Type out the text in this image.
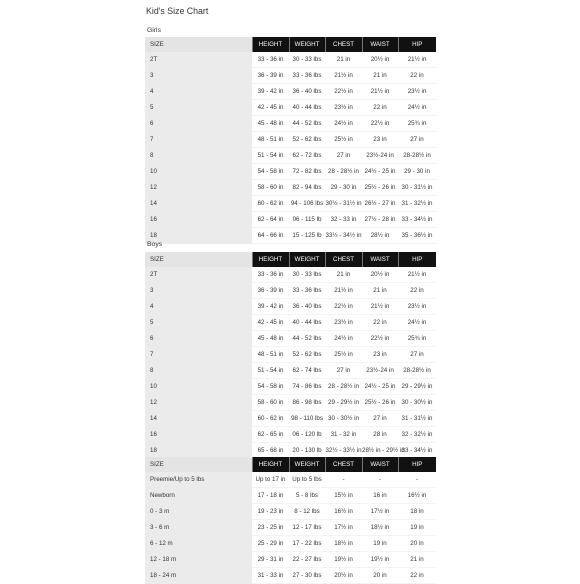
Kid's Size Chart
Girls
SIZE	HEIGHT	WEIGHT	CHEST	WAIST	HIP
2T	33 - 36 in	30 - 33 lbs	21 in	20½ in	21½ in
3	36 - 39 in	33 - 36 lbs	21½ in	21 in	22 in
4	39 - 42 in	36 - 40 lbs	22½ in	21½ in	23½ in
5	42 - 45 in	40 - 44 lbs	23½ in	22 in	24½ in
6	45 - 48 in	44 - 52 lbs	24½ in	22½ in	25¾ in
7	48 - 51 in	52 - 62 lbs	25½ in	23 in	27 in
8	51 - 54 in	62 - 72 lbs	27 in	23½-24 in	28-28½ in
10	54 - 58 in	72 - 82 lbs	28 - 28½ in	24½ - 25 in	29 - 30 in
12	58 - 60 in	82 - 94 lbs	29 - 30 in	25½ - 26 in	30 - 31½ in
14	60 - 62 in	94 - 106 lbs	30½ - 31½ in	26½ - 27 in	31 - 32½ in
16	62 - 64 in	06 - 115 lb	32 - 33 in	27½ - 28 in	33 - 34½ in
18	64 - 66 in	15 - 125 lb	33½ - 34½ in	28½ in	35 - 36½ in
Boys
SIZE	HEIGHT	WEIGHT	CHEST	WAIST	HIP
2T	33 - 36 in	30 - 33 lbs	21 in	20½ in	21½ in
3	36 - 39 in	33 - 36 lbs	21½ in	21 in	22 in
4	39 - 42 in	36 - 40 lbs	22½ in	21½ in	23½ in
5	42 - 45 in	40 - 44 lbs	23½ in	22 in	24½ in
6	45 - 48 in	44 - 52 lbs	24½ in	22½ in	25¾ in
7	48 - 51 in	52 - 62 lbs	25½ in	23 in	27 in
8	51 - 54 in	62 - 74 lbs	27 in	23½-24 in	28-28½ in
10	54 - 58 in	74 - 86 lbs	28 - 28½ in	24½ - 25 in	29 - 29½ in
12	58 - 60 in	86 - 98 lbs	29 - 29½ in	25½ - 26 in	30 - 30½ in
14	60 - 62 in	98 - 110 lbs	30 - 30½ in	27 in	31 - 31½ in
16	62 - 65 in	06 - 120 lb	31 - 32 in	28 in	32 - 32½ in
18	65 - 68 in	20 - 130 lb	32½ - 33½ in	28½ in - 29½ in	33 - 34½ in
SIZE	HEIGHT	WEIGHT	CHEST	WAIST	HIP
Preemie/Up to 5 lbs	Up to 17 in	Up to 5 lbs	-	-	-
Newborn	17 - 18 in	5 - 8 lbs	15½ in	16 in	16½ in
0 - 3 m	19 - 23 in	8 - 12 lbs	16½ in	17½ in	18 in
3 - 6 m	23 - 25 in	12 - 17 lbs	17½ in	18½ in	19 in
6 - 12 m	25 - 29 in	17 - 22 lbs	18½ in	19 in	20 in
12 - 18 m	29 - 31 in	22 - 27 lbs	19½ in	19½ in	21 in
18 - 24 m	31 - 33 in	27 - 30 lbs	20½ in	20 in	22 in
